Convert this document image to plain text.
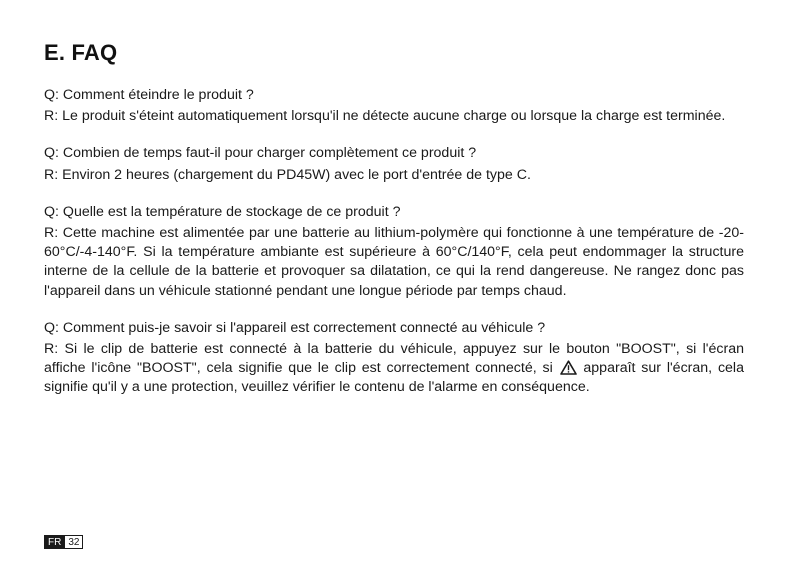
E. FAQ

Q: Comment éteindre le produit ?

R: Le produit s'éteint automatiquement lorsqu'il ne détecte aucune charge ou lorsque la charge est terminée.

Q: Combien de temps faut-il pour charger complètement ce produit ?

R: Environ 2 heures (chargement du PD45W) avec le port d'entrée de type C.

Q: Quelle est la température de stockage de ce produit ?

R: Cette machine est alimentée par une batterie au lithium-polymère qui fonctionne à une température de -20-60°C/-4-140°F. Si la température ambiante est supérieure à 60°C/140°F, cela peut endommager la structure interne de la cellule de la batterie et provoquer sa dilatation, ce qui la rend dangereuse. Ne rangez donc pas l'appareil dans un véhicule stationné pendant une longue période par temps chaud.

Q: Comment puis-je savoir si l'appareil est correctement connecté au véhicule ?

R: Si le clip de batterie est connecté à la batterie du véhicule, appuyez sur le bouton "BOOST", si l'écran affiche l'icône "BOOST", cela signifie que le clip est correctement connecté, si apparaît sur l'écran, cela signifie qu'il y a une protection, veuillez vérifier le contenu de l'alarme en conséquence.

FR 32
